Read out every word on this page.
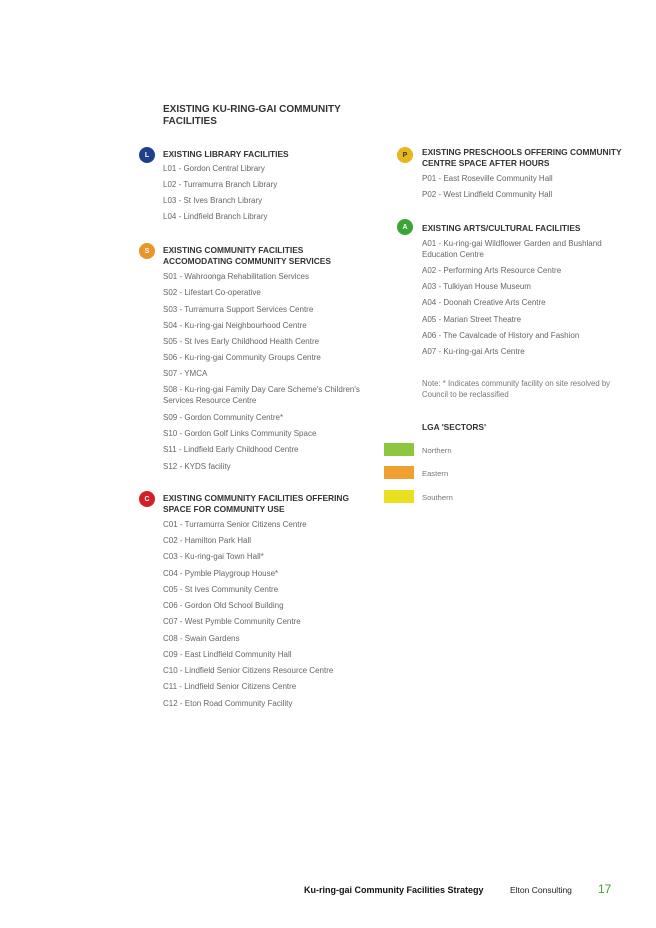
EXISTING KU-RING-GAI COMMUNITY FACILITIES
L	EXISTING LIBRARY FACILITIES
L01 - Gordon Central Library
L02 - Turramurra Branch Library
L03 - St Ives Branch Library
L04 - Lindfield Branch Library
S	EXISTING COMMUNITY FACILITIES ACCOMODATING COMMUNITY SERVICES
S01 - Wahroonga Rehabilitation Services
S02 - Lifestart Co-operative
S03 - Turramurra Support Services Centre
S04 - Ku-ring-gai Neighbourhood Centre
S05 - St Ives Early Childhood Health Centre
S06 - Ku-ring-gai Community Groups Centre
S07 - YMCA
S08 - Ku-ring-gai Family Day Care Scheme's Children's Services Resource Centre
S09 - Gordon Community Centre*
S10 - Gordon Golf Links Community Space
S11 - Lindfield Early Childhood Centre
S12 - KYDS facility
C	EXISTING COMMUNITY FACILITIES OFFERING SPACE FOR COMMUNITY USE
C01 - Turramurra Senior Citizens Centre
C02 - Hamilton Park Hall
C03 - Ku-ring-gai Town Hall*
C04 - Pymble Playgroup House*
C05 - St Ives Community Centre
C06 - Gordon Old School Building
C07 - West Pymble Community Centre
C08 - Swain Gardens
C09 - East Lindfield Community Hall
C10 - Lindfield Senior Citizens Resource Centre
C11 - Lindfield Senior Citizens Centre
C12 - Eton Road Community Facility
P	EXISTING PRESCHOOLS OFFERING COMMUNITY CENTRE SPACE AFTER HOURS
P01 - East Roseville Community Hall
P02 - West Lindfield Community Hall
A	EXISTING ARTS/CULTURAL FACILITIES
A01 - Ku-ring-gai Wildflower Garden and Bushland Education Centre
A02 - Performing Arts Resource Centre
A03 - Tulkiyan House Museum
A04 - Doonah Creative Arts Centre
A05 - Marian Street Theatre
A06 - The Cavalcade of History and Fashion
A07 - Ku-ring-gai Arts Centre
Note: * Indicates community facility on site resolved by Council to be reclassified
LGA 'SECTORS'
Northern
Eastern
Southern
Ku-ring-gai Community Facilities Strategy	Elton Consulting 17
